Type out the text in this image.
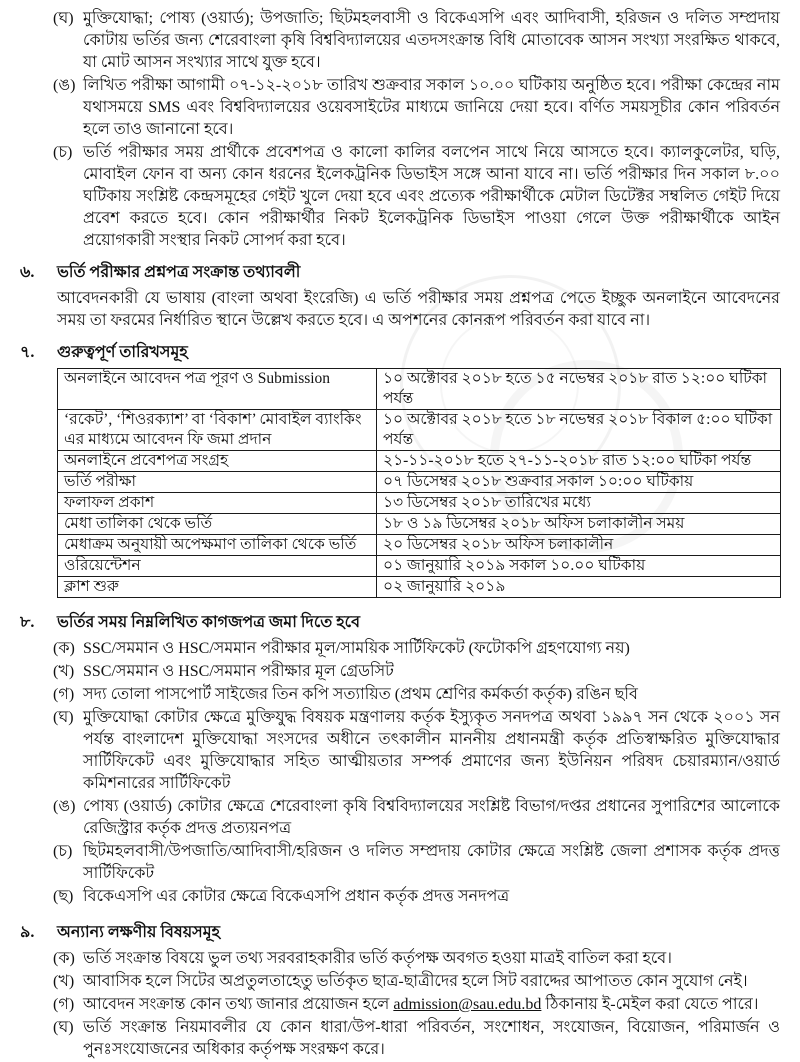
(ঘ) মুক্তিযোদ্ধা; পোষ্য (ওয়ার্ড); উপজাতি; ছিটমহলবাসী ও বিকেএসপি এবং আদিবাসী, হরিজন ও দলিত সম্প্রদায় কোটায় ভর্তির জন্য শেরেবাংলা কৃষি বিশ্ববিদ্যালয়ের এতদসংক্রান্ত বিধি মোতাবেক আসন সংখ্যা সংরক্ষিত থাকবে, যা মোট আসন সংখ্যার সাথে যুক্ত হবে।
(ঙ) লিখিত পরীক্ষা আগামী ০৭-১২-২০১৮ তারিখ শুক্রবার সকাল ১০.০০ ঘটিকায় অনুষ্ঠিত হবে। পরীক্ষা কেন্দ্রের নাম যথাসময়ে SMS এবং বিশ্ববিদ্যালয়ের ওয়েবসাইটের মাধ্যমে জানিয়ে দেয়া হবে। বর্ণিত সময়সূচীর কোন পরিবর্তন হলে তাও জানানো হবে।
(চ) ভর্তি পরীক্ষার সময় প্রার্থীকে প্রবেশপত্র ও কালো কালির বলপেন সাথে নিয়ে আসতে হবে। ক্যালকুলেটর, ঘড়ি, মোবাইল ফোন বা অন্য কোন ধরনের ইলেকট্রনিক ডিভাইস সঙ্গে আনা যাবে না। ভর্তি পরীক্ষার দিন সকাল ৮.০০ ঘটিকায় সংশ্লিষ্ট কেন্দ্রসমূহের গেইট খুলে দেয়া হবে এবং প্রত্যেক পরীক্ষার্থীকে মেটাল ডিটেক্টর সম্বলিত গেইট দিয়ে প্রবেশ করতে হবে। কোন পরীক্ষার্থীর নিকট ইলেকট্রনিক ডিভাইস পাওয়া গেলে উক্ত পরীক্ষার্থীকে আইন প্রয়োগকারী সংস্থার নিকট সোপর্দ করা হবে।
৬.	ভর্তি পরীক্ষার প্রশ্নপত্র সংক্রান্ত তথ্যাবলী

আবেদনকারী যে ভাষায় (বাংলা অথবা ইংরেজি) এ ভর্তি পরীক্ষার সময় প্রশ্নপত্র পেতে ইচ্ছুক অনলাইনে আবেদনের সময় তা ফরমের নির্ধারিত স্থানে উল্লেখ করতে হবে। এ অপশনের কোনরূপ পরিবর্তন করা যাবে না।

৭.	গুরুত্বপূর্ণ তারিখসমূহ
অনলাইনে আবেদন পত্র পূরণ ও Submission	১০ অক্টোবর ২০১৮ হতে ১৫ নভেম্বর ২০১৮ রাত ১২:০০ ঘটিকা পর্যন্ত
‘রকেট’, ‘শিওরক্যাশ’ বা ‘বিকাশ’ মোবাইল ব্যাংকিং এর মাধ্যমে আবেদন ফি জমা প্রদান	১০ অক্টোবর ২০১৮ হতে ১৮ নভেম্বর ২০১৮ বিকাল ৫:০০ ঘটিকা পর্যন্ত
অনলাইনে প্রবেশপত্র সংগ্রহ	২১-১১-২০১৮ হতে ২৭-১১-২০১৮ রাত ১২:০০ ঘটিকা পর্যন্ত
ভর্তি পরীক্ষা	০৭ ডিসেম্বর ২০১৮ শুক্রবার সকাল ১০:০০ ঘটিকায়
ফলাফল প্রকাশ	১৩ ডিসেম্বর ২০১৮ তারিখের মধ্যে
মেধা তালিকা থেকে ভর্তি	১৮ ও ১৯ ডিসেম্বর ২০১৮ অফিস চলাকালীন সময়
মেধাক্রম অনুযায়ী অপেক্ষমাণ তালিকা থেকে ভর্তি	২০ ডিসেম্বর ২০১৮ অফিস চলাকালীন
ওরিয়েন্টেশন	০১ জানুয়ারি ২০১৯ সকাল ১০.০০ ঘটিকায়
ক্লাশ শুরু	০২ জানুয়ারি ২০১৯
৮.	ভর্তির সময় নিম্নলিখিত কাগজপত্র জমা দিতে হবে
(ক) SSC/সমমান ও HSC/সমমান পরীক্ষার মূল/সাময়িক সার্টিফিকেট (ফটোকপি গ্রহণযোগ্য নয়)
(খ) SSC/সমমান ও HSC/সমমান পরীক্ষার মূল গ্রেডসিট
(গ) সদ্য তোলা পাসপোর্ট সাইজের তিন কপি সত্যায়িত (প্রথম শ্রেণির কর্মকর্তা কর্তৃক) রঙিন ছবি
(ঘ) মুক্তিযোদ্ধা কোটার ক্ষেত্রে মুক্তিযুদ্ধ বিষয়ক মন্ত্রণালয় কর্তৃক ইস্যুকৃত সনদপত্র অথবা ১৯৯৭ সন থেকে ২০০১ সন পর্যন্ত বাংলাদেশ মুক্তিযোদ্ধা সংসদের অধীনে তৎকালীন মাননীয় প্রধানমন্ত্রী কর্তৃক প্রতিস্বাক্ষরিত মুক্তিযোদ্ধার সার্টিফিকেট এবং মুক্তিযোদ্ধার সহিত আত্মীয়তার সম্পর্ক প্রমাণের জন্য ইউনিয়ন পরিষদ চেয়ারম্যান/ওয়ার্ড কমিশনারের সার্টিফিকেট
(ঙ) পোষ্য (ওয়ার্ড) কোটার ক্ষেত্রে শেরেবাংলা কৃষি বিশ্ববিদ্যালয়ের সংশ্লিষ্ট বিভাগ/দপ্তর প্রধানের সুপারিশের আলোকে রেজিস্ট্রার কর্তৃক প্রদত্ত প্রত্যয়নপত্র
(চ) ছিটমহলবাসী/উপজাতি/আদিবাসী/হরিজন ও দলিত সম্প্রদায় কোটার ক্ষেত্রে সংশ্লিষ্ট জেলা প্রশাসক কর্তৃক প্রদত্ত সার্টিফিকেট
(ছ) বিকেএসপি এর কোটার ক্ষেত্রে বিকেএসপি প্রধান কর্তৃক প্রদত্ত সনদপত্র
৯.	অন্যান্য লক্ষণীয় বিষয়সমূহ
(ক) ভর্তি সংক্রান্ত বিষয়ে ভুল তথ্য সরবরাহকারীর ভর্তি কর্তৃপক্ষ অবগত হওয়া মাত্রই বাতিল করা হবে।
(খ) আবাসিক হলে সিটের অপ্রতুলতাহেতু ভর্তিকৃত ছাত্র-ছাত্রীদের হলে সিট বরাদ্দের আপাতত কোন সুযোগ নেই।
(গ) আবেদন সংক্রান্ত কোন তথ্য জানার প্রয়োজন হলে admission@sau.edu.bd ঠিকানায় ই-মেইল করা যেতে পারে।
(ঘ) ভর্তি সংক্রান্ত নিয়মাবলীর যে কোন ধারা/উপ-ধারা পরিবর্তন, সংশোধন, সংযোজন, বিয়োজন, পরিমার্জন ও পুনঃসংযোজনের অধিকার কর্তৃপক্ষ সংরক্ষণ করে।
